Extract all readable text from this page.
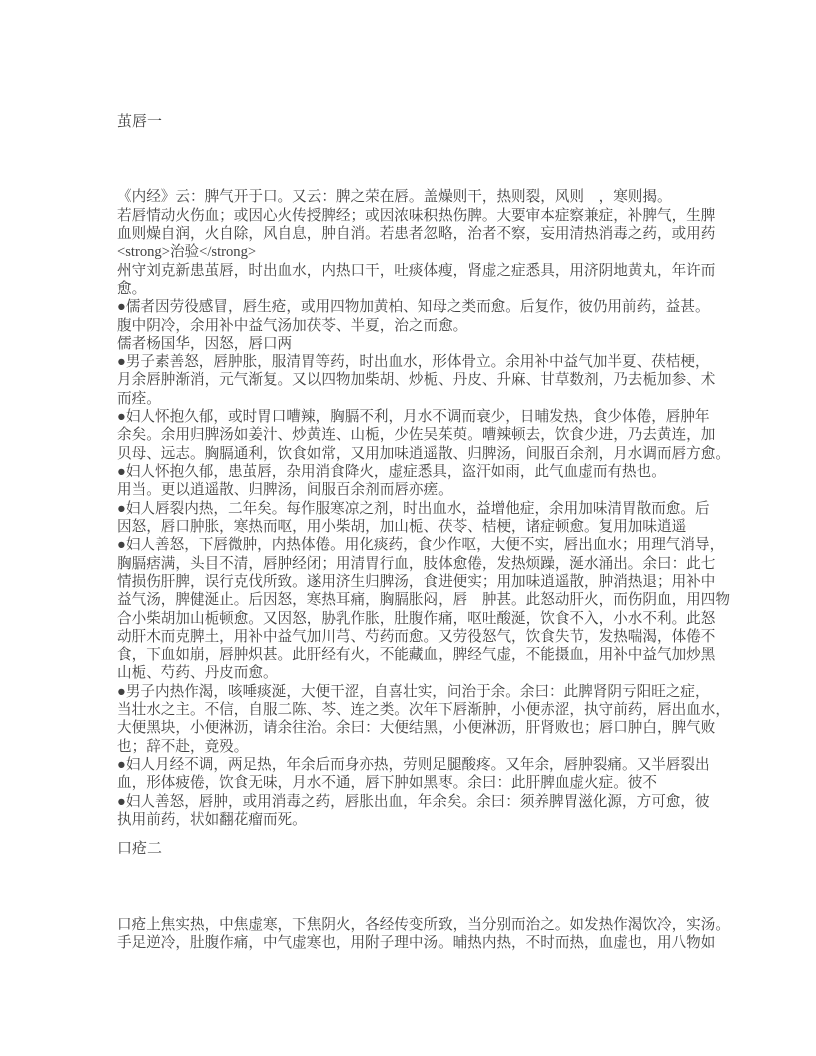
茧唇一
《内经》云：脾气开于口。又云：脾之荣在唇。盖燥则干，热则裂，风则　，寒则揭。
若唇情动火伤血；或因心火传授脾经；或因浓味积热伤脾。大要审本症察兼症，补脾气，生脾
血则燥自润，火自除，风自息，肿自消。若患者忽略，治者不察，妄用清热消毒之药，或用药
<strong>治验</strong>
州守刘克新患茧唇，时出血水，内热口干，吐痰体瘦，肾虚之症悉具，用济阴地黄丸，年许而
愈。
●儒者因劳役感冒，唇生疮，或用四物加黄柏、知母之类而愈。后复作，彼仍用前药，益甚。
腹中阴冷，余用补中益气汤加茯苓、半夏，治之而愈。
儒者杨国华，因怒，唇口两
●男子素善怒，唇肿胀，服清胃等药，时出血水，形体骨立。余用补中益气加半夏、茯桔梗，
月余唇肿渐消，元气渐复。又以四物加柴胡、炒栀、丹皮、升麻、甘草数剂，乃去栀加参、术
而痊。
●妇人怀抱久郁，或时胃口嘈辣，胸膈不利，月水不调而衰少，日晡发热，食少体倦，唇肿年
余矣。余用归脾汤如姜汁、炒黄连、山栀，少佐吴茱萸。嘈辣顿去，饮食少进，乃去黄连，加
贝母、远志。胸膈通利，饮食如常，又用加味逍遥散、归脾汤，间服百余剂，月水调而唇方愈。
●妇人怀抱久郁，患茧唇，杂用消食降火，虚症悉具，盗汗如雨，此气血虚而有热也。
用当。更以逍遥散、归脾汤，间服百余剂而唇亦瘥。
●妇人唇裂内热，二年矣。每作服寒凉之剂，时出血水，益增他症，余用加味清胃散而愈。后
因怒，唇口肿胀，寒热而呕，用小柴胡，加山栀、茯苓、桔梗，诸症顿愈。复用加味逍遥
●妇人善怒，下唇微肿，内热体倦。用化痰药，食少作呕，大便不实，唇出血水；用理气消导，
胸膈痞满，头目不清，唇肿经闭；用清胃行血，肢体愈倦，发热烦躁，涎水涌出。余曰：此七
情损伤肝脾，误行克伐所致。遂用济生归脾汤，食进便实；用加味逍遥散，肿消热退；用补中
益气汤，脾健涎止。后因怒，寒热耳痛，胸膈胀闷，唇　肿甚。此怒动肝火，而伤阴血，用四物
合小柴胡加山栀顿愈。又因怒，胁乳作胀，肚腹作痛，呕吐酸涎，饮食不入，小水不利。此怒
动肝木而克脾土，用补中益气加川芎、芍药而愈。又劳役怒气，饮食失节，发热喘渴，体倦不
食，下血如崩，唇肿炽甚。此肝经有火，不能藏血，脾经气虚，不能摄血，用补中益气加炒黑
山栀、芍药、丹皮而愈。
●男子内热作渴，咳唾痰涎，大便干涩，自喜壮实，问治于余。余曰：此脾肾阴亏阳旺之症，
当壮水之主。不信，自服二陈、芩、连之类。次年下唇渐肿，小便赤涩，执守前药，唇出血水，
大便黑块，小便淋沥，请余往治。余曰：大便结黑，小便淋沥，肝肾败也；唇口肿白，脾气败
也；辞不赴，竟殁。
●妇人月经不调，两足热，年余后而身亦热，劳则足腿酸疼。又年余，唇肿裂痛。又半唇裂出
血，形体疲倦，饮食无味，月水不通，唇下肿如黑枣。余曰：此肝脾血虚火症。彼不
●妇人善怒，唇肿，或用消毒之药，唇胀出血，年余矣。余曰：须养脾胃滋化源，方可愈，彼
执用前药，状如翻花瘤而死。
口疮二
口疮上焦实热，中焦虚寒，下焦阴火，各经传变所致，当分别而治之。如发热作渴饮冷，实汤。
手足逆冷，肚腹作痛，中气虚寒也，用附子理中汤。晡热内热，不时而热，血虚也，用八物如
